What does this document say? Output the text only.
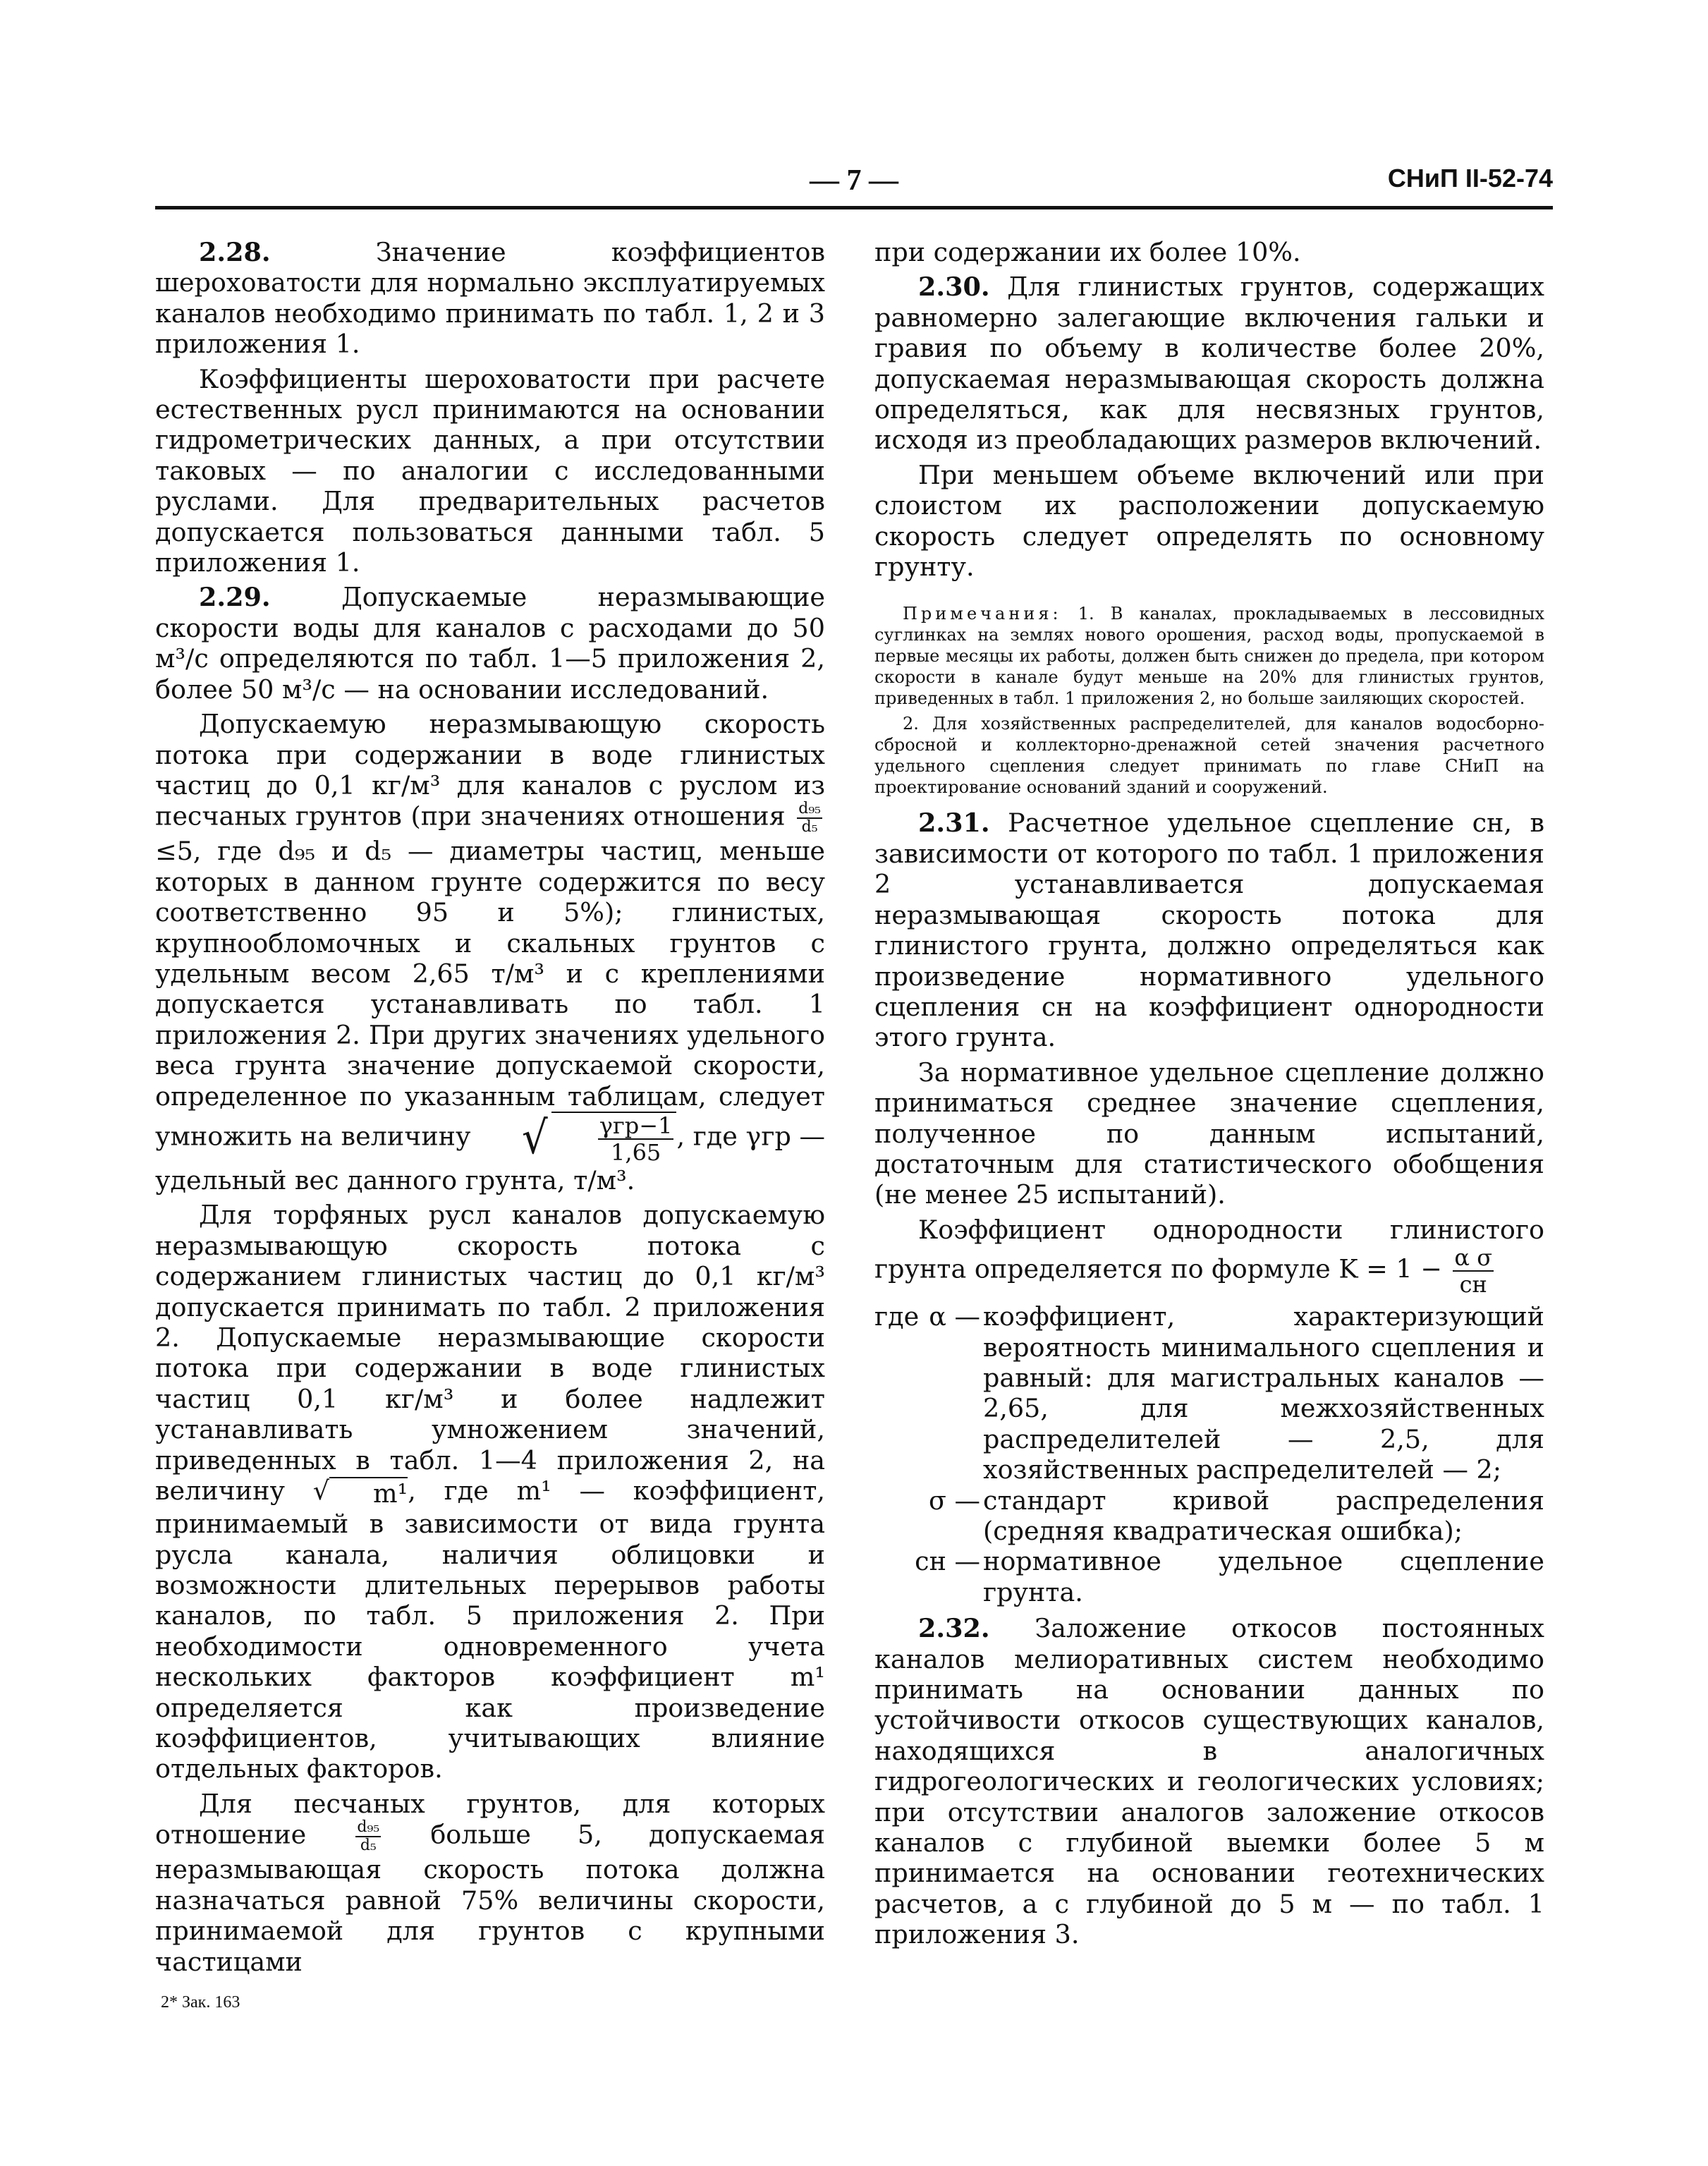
— 7 —	СНиП II-52-74

2.28.	Значение коэффициентов шероховатости для нормально эксплуатируемых каналов необходимо принимать по табл. 1, 2 и 3 приложения 1.

Коэффициенты шероховатости при расчете естественных русл принимаются на основании гидрометрических данных, а при отсутствии таковых — по аналогии с исследованными руслами. Для предварительных расчетов допускается пользоваться данными табл. 5 приложения 1.

2.29.	Допускаемые неразмывающие скорости воды для каналов с расходами до 50 м³/с определяются по табл. 1—5 приложения 2, более 50 м³/с — на основании исследований.

Допускаемую неразмывающую скорость потока при содержании в воде глинистых частиц до 0,1 кг/м³ для каналов с руслом из песчаных грунтов (при значениях отношения $\frac{\text{d₉₅}}{\text{d₅}}$
≤5, где d₉₅ и d₅ — диаметры частиц, меньше которых в данном грунте содержится по весу соответственно 95 и 5%); глинистых, крупнообломочных и скальных грунтов с удельным весом 2,65 т/м³ и с креплениями допускается устанавливать по табл. 1 приложения 2. При других значениях удельного веса грунта значение допускаемой скорости, определенное по указанным таблицам, следует умножить на величину √ $\frac{\text{γгр−1}}{1,65}$ , где γгр — удельный вес данного грунта, т/м³.

Для торфяных русл каналов допускаемую неразмывающую скорость потока с содержанием глинистых частиц до 0,1 кг/м³ допускается принимать по табл. 2 приложения 2. Допускаемые неразмывающие скорости потока при содержании в воде глинистых частиц 0,1 кг/м³ и более надлежит устанавливать умножением значений, приведенных в табл. 1—4 приложения 2, на величину √ m¹, где m¹ — коэффициент, принимаемый в зависимости от вида грунта русла канала, наличия облицовки и возможности длительных перерывов работы каналов, по табл. 5 приложения 2. При необходимости одновременного учета нескольких факторов коэффициент m¹ определяется как произведение коэффициентов, учитывающих влияние отдельных факторов.

Для песчаных грунтов, для которых отношение	$\frac{\text{d₉₅}}{\text{d₅}}$ больше 5, допускаемая неразмывающая скорость потока должна назначаться равной 75% величины скорости, принимаемой для грунтов с крупными частицами

при содержании их более 10%.

2.30. Для глинистых грунтов, содержащих равномерно залегающие включения гальки и гравия по объему в количестве более 20%, допускаемая неразмывающая скорость должна определяться, как для несвязных грунтов, исходя из преобладающих размеров включений.

При меньшем объеме включений или при слоистом их расположении допускаемую скорость следует определять по основному грунту.

Примечания: 1. В каналах, прокладываемых в лессовидных суглинках на землях нового орошения, расход воды, пропускаемой в первые месяцы их работы, должен быть снижен до предела, при котором скорости в канале будут меньше на 20% для глинистых грунтов, приведенных в табл. 1 приложения 2, но больше заиляющих скоростей.

2. Для хозяйственных распределителей, для каналов водосборно-сбросной и коллекторно-дренажной сетей значения расчетного удельного сцепления следует принимать по главе СНиП на проектирование оснований зданий и сооружений.

2.31. Расчетное удельное сцепление cн, в зависимости от которого по табл. 1 приложения 2 устанавливается допускаемая неразмывающая скорость потока для глинистого грунта, должно определяться как произведение нормативного удельного сцепления cн на коэффициент однородности этого грунта.

За нормативное удельное сцепление должно приниматься среднее значение сцепления, полученное по данным испытаний, достаточным для статистического обобщения (не менее 25 испытаний).

Коэффициент однородности глинистого грунта определяется по формуле $K = 1 - \frac{\text{α σ}}{cн}$

где α — коэффициент, характеризующий вероятность минимального сцепления и равный: для магистральных каналов — 2,65, для межхозяйственных распределителей — 2,5, для хозяйственных распределителей — 2;
σ — стандарт кривой распределения (средняя квадратическая ошибка);
cн — нормативное удельное сцепление грунта.

2.32. Заложение откосов постоянных каналов мелиоративных систем необходимо принимать на основании данных по устойчивости откосов существующих каналов, находящихся в аналогичных гидрогеологических и геологических условиях; при отсутствии аналогов заложение откосов каналов с глубиной выемки более 5 м принимается на основании геотехнических расчетов, а с глубиной до 5 м — по табл. 1 приложения 3.

2* Зак. 163
